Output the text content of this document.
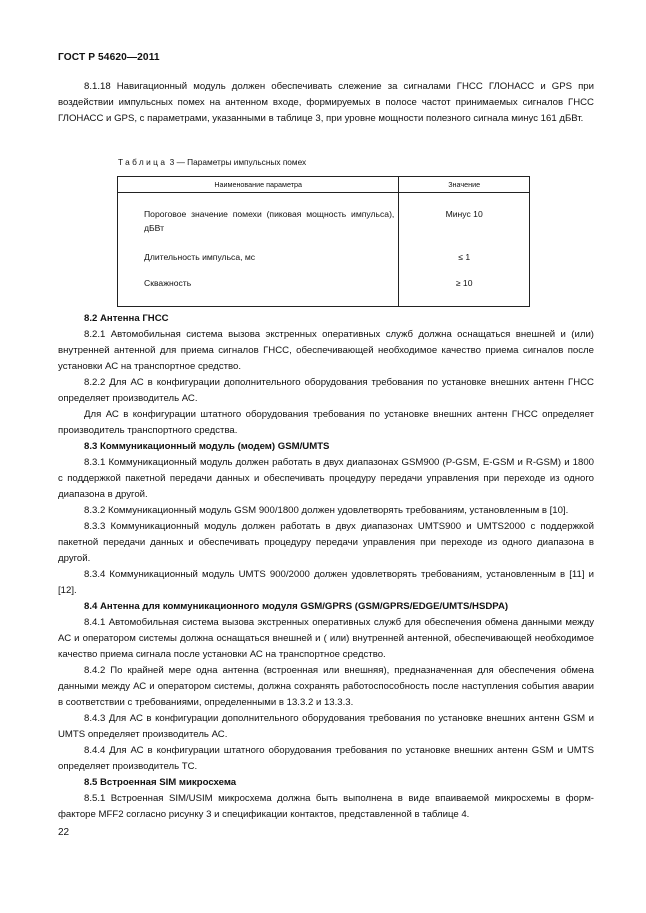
ГОСТ Р 54620—2011

8.1.18 Навигационный модуль должен обеспечивать слежение за сигналами ГНСС ГЛОНАСС и GPS при воздействии импульсных помех на антенном входе, формируемых в полосе частот принимаемых сигналов ГНСС ГЛОНАСС и GPS, с параметрами, указанными в таблице 3, при уровне мощности полезного сигнала минус 161 дБВт.

Таблица 3 — Параметры импульсных помех
Наименование параметра	Значение
Пороговое значение помехи (пиковая мощность импульса), дБВт	Минус 10
Длительность импульса, мс	≤ 1
Скважность	≥ 10

8.2 Антенна ГНСС

8.2.1 Автомобильная система вызова экстренных оперативных служб должна оснащаться внешней и (или) внутренней антенной для приема сигналов ГНСС, обеспечивающей необходимое качество приема сигналов после установки АС на транспортное средство.

8.2.2 Для АС в конфигурации дополнительного оборудования требования по установке внешних антенн ГНСС определяет производитель АС.

Для АС в конфигурации штатного оборудования требования по установке внешних антенн ГНСС определяет производитель транспортного средства.

8.3 Коммуникационный модуль (модем) GSM/UMTS

8.3.1 Коммуникационный модуль должен работать в двух диапазонах GSM900 (P-GSM, E-GSM и R-GSM) и 1800 с поддержкой пакетной передачи данных и обеспечивать процедуру передачи управления при переходе из одного диапазона в другой.

8.3.2 Коммуникационный модуль GSM 900/1800 должен удовлетворять требованиям, установленным в [10].

8.3.3 Коммуникационный модуль должен работать в двух диапазонах UMTS900 и UMTS2000 с поддержкой пакетной передачи данных и обеспечивать процедуру передачи управления при переходе из одного диапазона в другой.

8.3.4 Коммуникационный модуль UMTS 900/2000 должен удовлетворять требованиям, установленным в [11] и [12].

8.4 Антенна для коммуникационного модуля GSM/GPRS (GSM/GPRS/EDGE/UMTS/HSDPA)

8.4.1 Автомобильная система вызова экстренных оперативных служб для обеспечения обмена данными между АС и оператором системы должна оснащаться внешней и ( или) внутренней антенной, обеспечивающей необходимое качество приема сигнала после установки АС на транспортное средство.

8.4.2 По крайней мере одна антенна (встроенная или внешняя), предназначенная для обеспечения обмена данными между АС и оператором системы, должна сохранять работоспособность после наступления события аварии в соответствии с требованиями, определенными в 13.3.2 и 13.3.3.

8.4.3 Для АС в конфигурации дополнительного оборудования требования по установке внешних антенн GSM и UMTS определяет производитель АС.

8.4.4 Для АС в конфигурации штатного оборудования требования по установке внешних антенн GSM и UMTS определяет производитель ТС.

8.5 Встроенная SIM микросхема

8.5.1 Встроенная SIM/USIM микросхема должна быть выполнена в виде впаиваемой микросхемы в форм-факторе MFF2 согласно рисунку 3 и спецификации контактов, представленной в таблице 4.

22
